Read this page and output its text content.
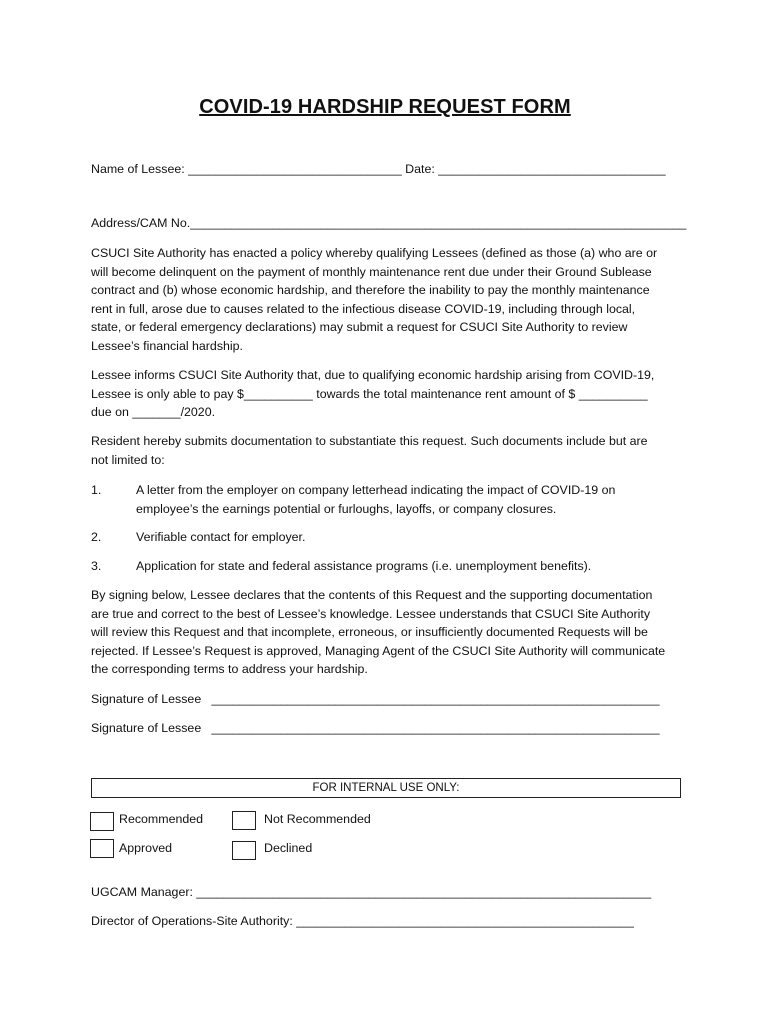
COVID-19 HARDSHIP REQUEST FORM
Name of Lessee: _______________________________ Date: _________________________________
Address/CAM No.________________________________________________________________________
CSUCI Site Authority has enacted a policy whereby qualifying Lessees (defined as those (a) who are or
will become delinquent on the payment of monthly maintenance rent due under their Ground Sublease
contract and (b) whose economic hardship, and therefore the inability to pay the monthly maintenance
rent in full, arose due to causes related to the infectious disease COVID-19, including through local,
state, or federal emergency declarations) may submit a request for CSUCI Site Authority to review
Lessee’s financial hardship.
Lessee informs CSUCI Site Authority that, due to qualifying economic hardship arising from COVID-19,
Lessee is only able to pay $__________ towards the total maintenance rent amount of $ __________
due on _______/2020.
Resident hereby submits documentation to substantiate this request. Such documents include but are
not limited to:
1.	A letter from the employer on company letterhead indicating the impact of COVID-19 on
employee’s the earnings potential or furloughs, layoffs, or company closures.
2.	Verifiable contact for employer.
3.	Application for state and federal assistance programs (i.e. unemployment benefits).
By signing below, Lessee declares that the contents of this Request and the supporting documentation
are true and correct to the best of Lessee’s knowledge. Lessee understands that CSUCI Site Authority
will review this Request and that incomplete, erroneous, or insufficiently documented Requests will be
rejected. If Lessee’s Request is approved, Managing Agent of the CSUCI Site Authority will communicate
the corresponding terms to address your hardship.
Signature of Lessee   _________________________________________________________________
Signature of Lessee   _________________________________________________________________
FOR INTERNAL USE ONLY:
Recommended	Not Recommended
Approved	Declined
UGCAM Manager: __________________________________________________________________
Director of Operations-Site Authority: _________________________________________________
